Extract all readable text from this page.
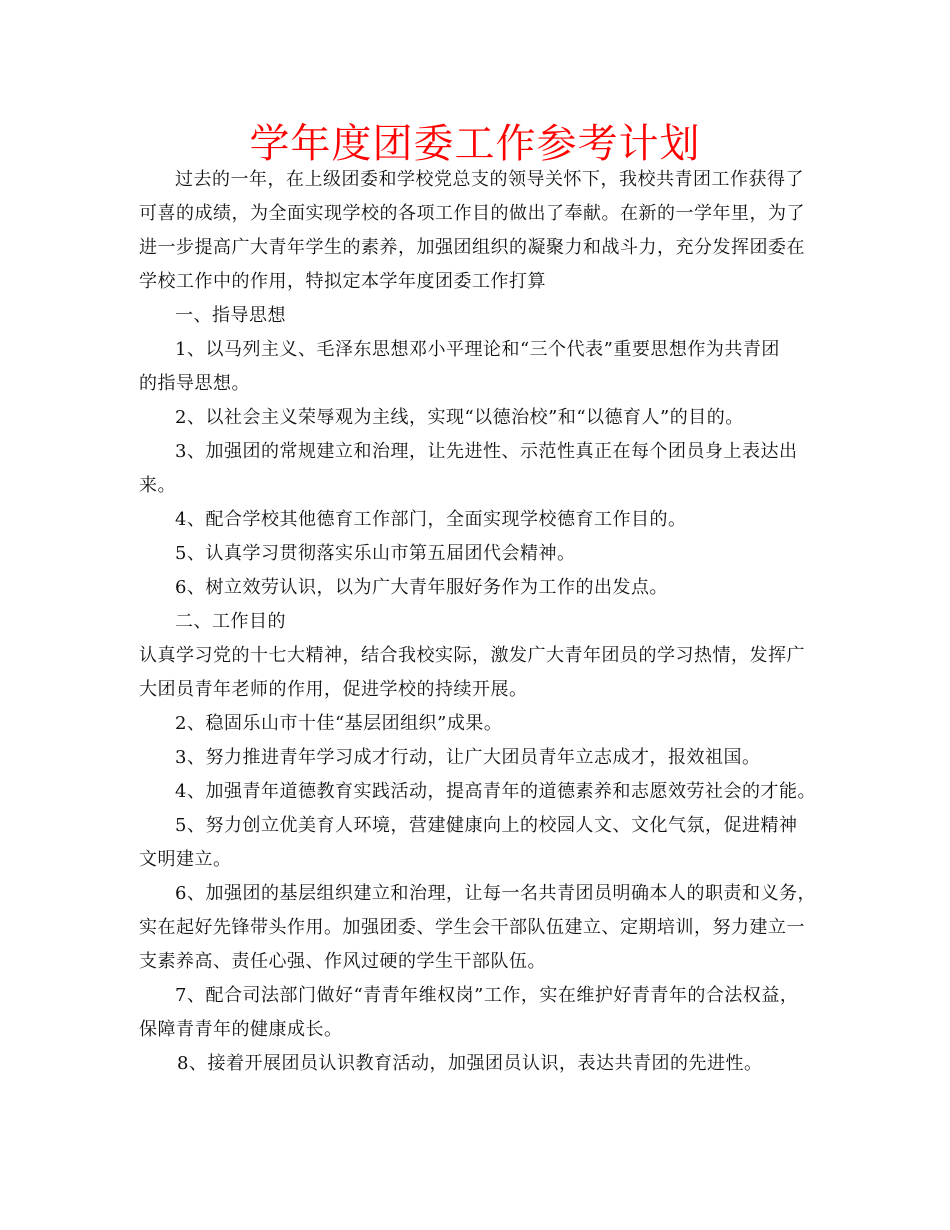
学年度团委工作参考计划
过去的一年，在上级团委和学校党总支的领导关怀下，我校共青团工作获得了
可喜的成绩，为全面实现学校的各项工作目的做出了奉献。在新的一学年里，为了
进一步提高广大青年学生的素养，加强团组织的凝聚力和战斗力，充分发挥团委在
学校工作中的作用，特拟定本学年度团委工作打算
一、指导思想
1、以马列主义、毛泽东思想邓小平理论和“三个代表”重要思想作为共青团
的指导思想。
2、以社会主义荣辱观为主线，实现“以德治校”和“以德育人”的目的。
3、加强团的常规建立和治理，让先进性、示范性真正在每个团员身上表达出
来。
4、配合学校其他德育工作部门，全面实现学校德育工作目的。
5、认真学习贯彻落实乐山市第五届团代会精神。
6、树立效劳认识，以为广大青年服好务作为工作的出发点。
二、工作目的
认真学习党的十七大精神，结合我校实际，激发广大青年团员的学习热情，发挥广
大团员青年老师的作用，促进学校的持续开展。
2、稳固乐山市十佳“基层团组织”成果。
3、努力推进青年学习成才行动，让广大团员青年立志成才，报效祖国。
4、加强青年道德教育实践活动，提高青年的道德素养和志愿效劳社会的才能。
5、努力创立优美育人环境，营建健康向上的校园人文、文化气氛，促进精神
文明建立。
6、加强团的基层组织建立和治理，让每一名共青团员明确本人的职责和义务，
实在起好先锋带头作用。加强团委、学生会干部队伍建立、定期培训，努力建立一
支素养高、责任心强、作风过硬的学生干部队伍。
7、配合司法部门做好“青青年维权岗”工作，实在维护好青青年的合法权益，
保障青青年的健康成长。
8、接着开展团员认识教育活动，加强团员认识，表达共青团的先进性。
